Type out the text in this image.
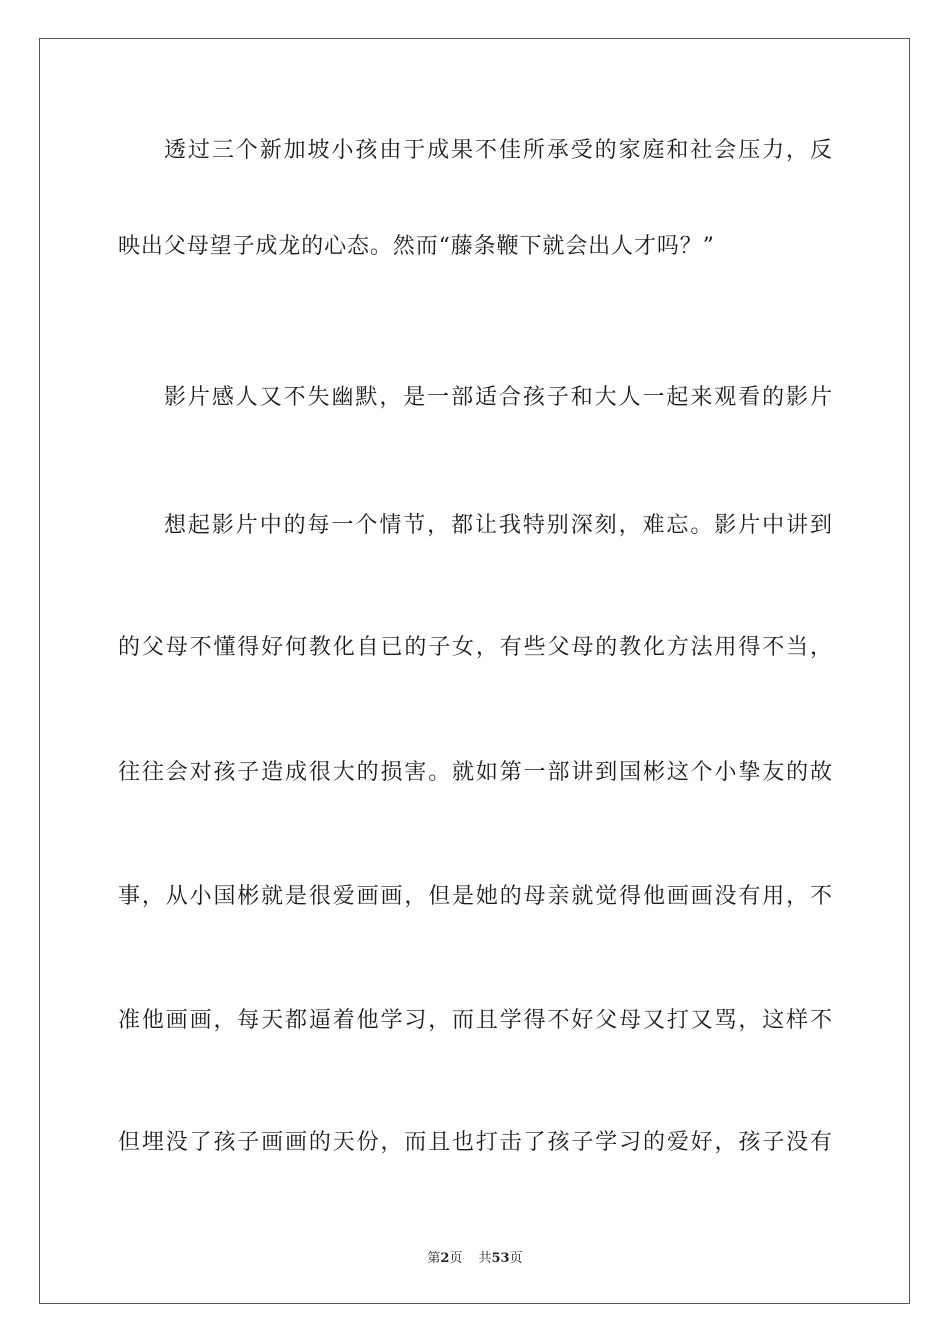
透过三个新加坡小孩由于成果不佳所承受的家庭和社会压力，反
映出父母望子成龙的心态。然而“藤条鞭下就会出人才吗？”
影片感人又不失幽默，是一部适合孩子和大人一起来观看的影片
想起影片中的每一个情节，都让我特别深刻，难忘。影片中讲到
的父母不懂得好何教化自已的子女，有些父母的教化方法用得不当，
往往会对孩子造成很大的损害。就如第一部讲到国彬这个小挚友的故
事，从小国彬就是很爱画画，但是她的母亲就觉得他画画没有用，不
准他画画，每天都逼着他学习，而且学得不好父母又打又骂，这样不
但埋没了孩子画画的天份，而且也打击了孩子学习的爱好，孩子没有
第2页 共53页
